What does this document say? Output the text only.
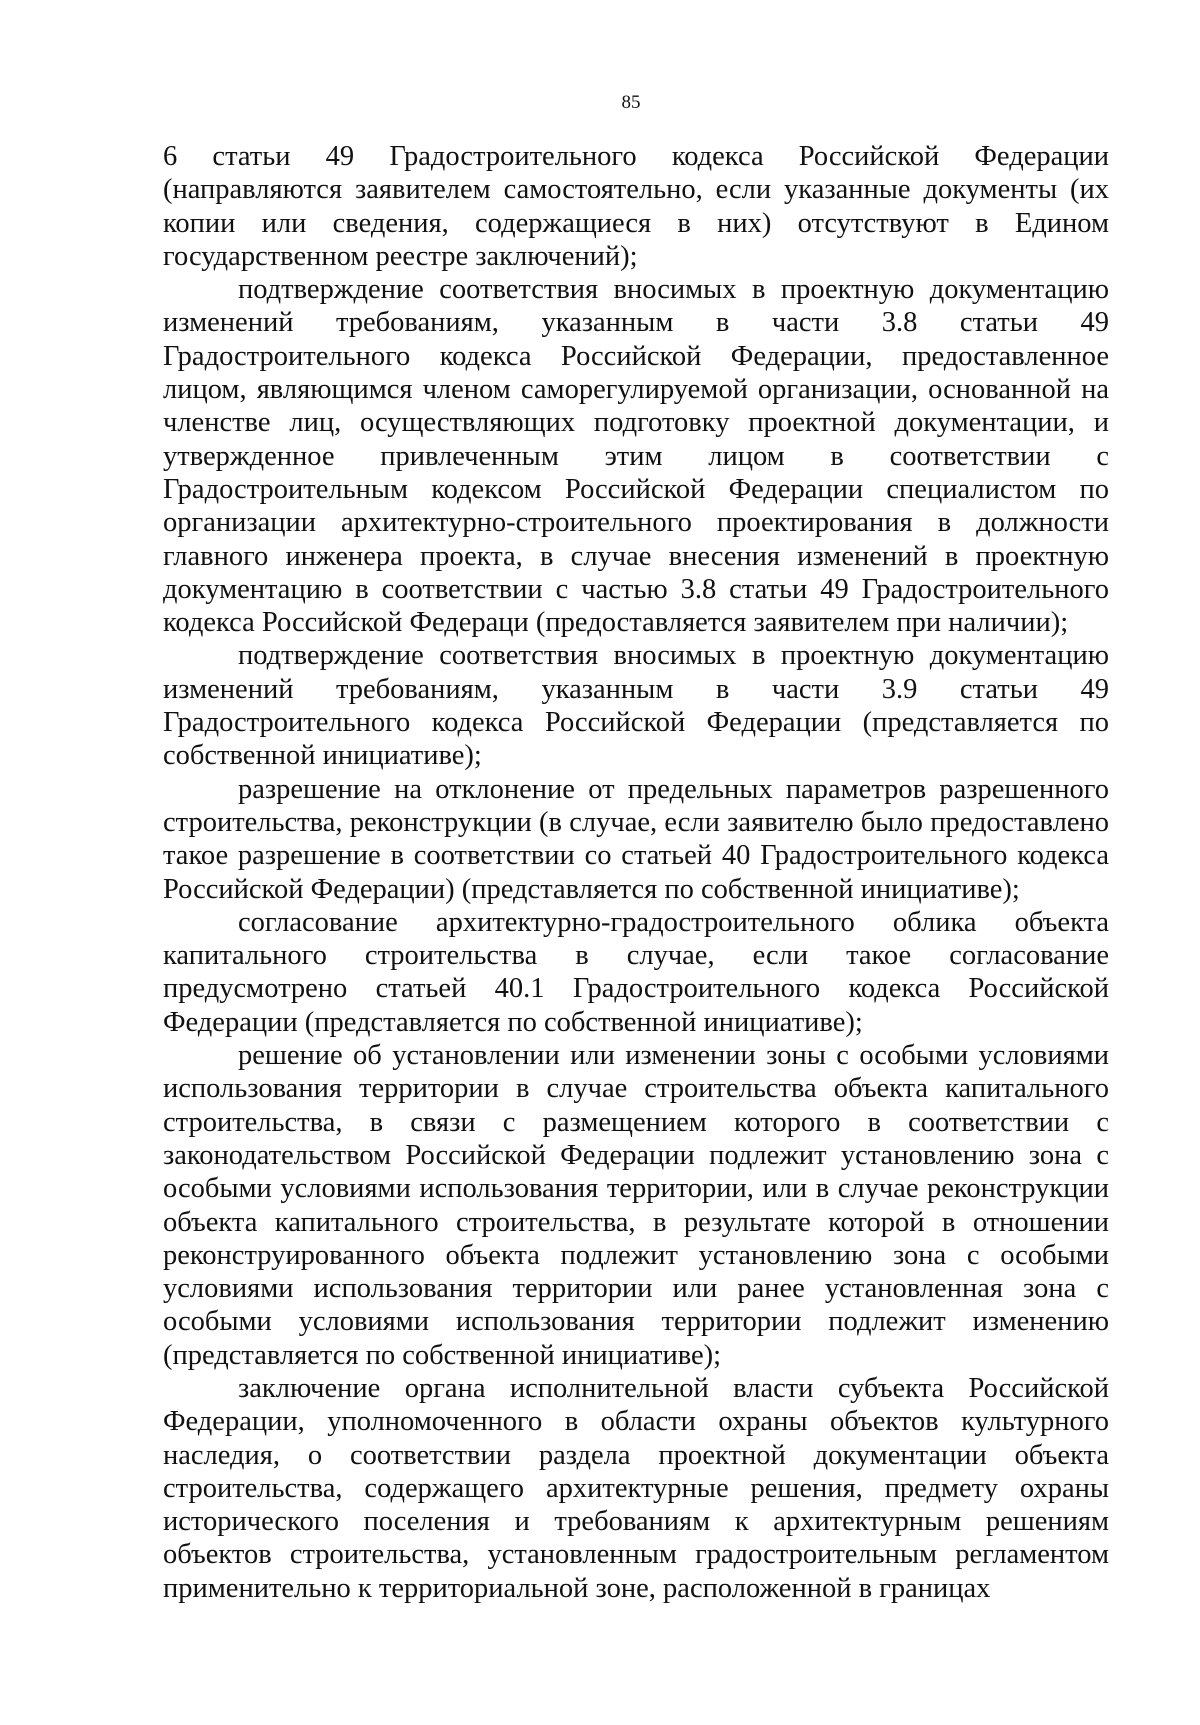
85

6 статьи 49 Градостроительного кодекса Российской Федерации (направляются заявителем самостоятельно, если указанные документы (их копии или сведения, содержащиеся в них) отсутствуют в Едином государственном реестре заключений);

подтверждение соответствия вносимых в проектную документацию изменений требованиям, указанным в части 3.8 статьи 49 Градостроительного кодекса Российской Федерации, предоставленное лицом, являющимся членом саморегулируемой организации, основанной на членстве лиц, осуществляющих подготовку проектной документации, и утвержденное привлеченным этим лицом в соответствии с Градостроительным кодексом Российской Федерации специалистом по организации архитектурно-строительного проектирования в должности главного инженера проекта, в случае внесения изменений в проектную документацию в соответствии с частью 3.8 статьи 49 Градостроительного кодекса Российской Федераци (предоставляется заявителем при наличии);

подтверждение соответствия вносимых в проектную документацию изменений требованиям, указанным в части 3.9 статьи 49 Градостроительного кодекса Российской Федерации (представляется по собственной инициативе);

разрешение на отклонение от предельных параметров разрешенного строительства, реконструкции (в случае, если заявителю было предоставлено такое разрешение в соответствии со статьей 40 Градостроительного кодекса Российской Федерации) (представляется по собственной инициативе);

согласование архитектурно-градостроительного облика объекта капитального строительства в случае, если такое согласование предусмотрено статьей 40.1 Градостроительного кодекса Российской Федерации (представляется по собственной инициативе);

решение об установлении или изменении зоны с особыми условиями использования территории в случае строительства объекта капитального строительства, в связи с размещением которого в соответствии с законодательством Российской Федерации подлежит установлению зона с особыми условиями использования территории, или в случае реконструкции объекта капитального строительства, в результате которой в отношении реконструированного объекта подлежит установлению зона с особыми условиями использования территории или ранее установленная зона с особыми условиями использования территории подлежит изменению (представляется по собственной инициативе);

заключение органа исполнительной власти субъекта Российской Федерации, уполномоченного в области охраны объектов культурного наследия, о соответствии раздела проектной документации объекта строительства, содержащего архитектурные решения, предмету охраны исторического поселения и требованиям к архитектурным решениям объектов строительства, установленным градостроительным регламентом применительно к территориальной зоне, расположенной в границах
